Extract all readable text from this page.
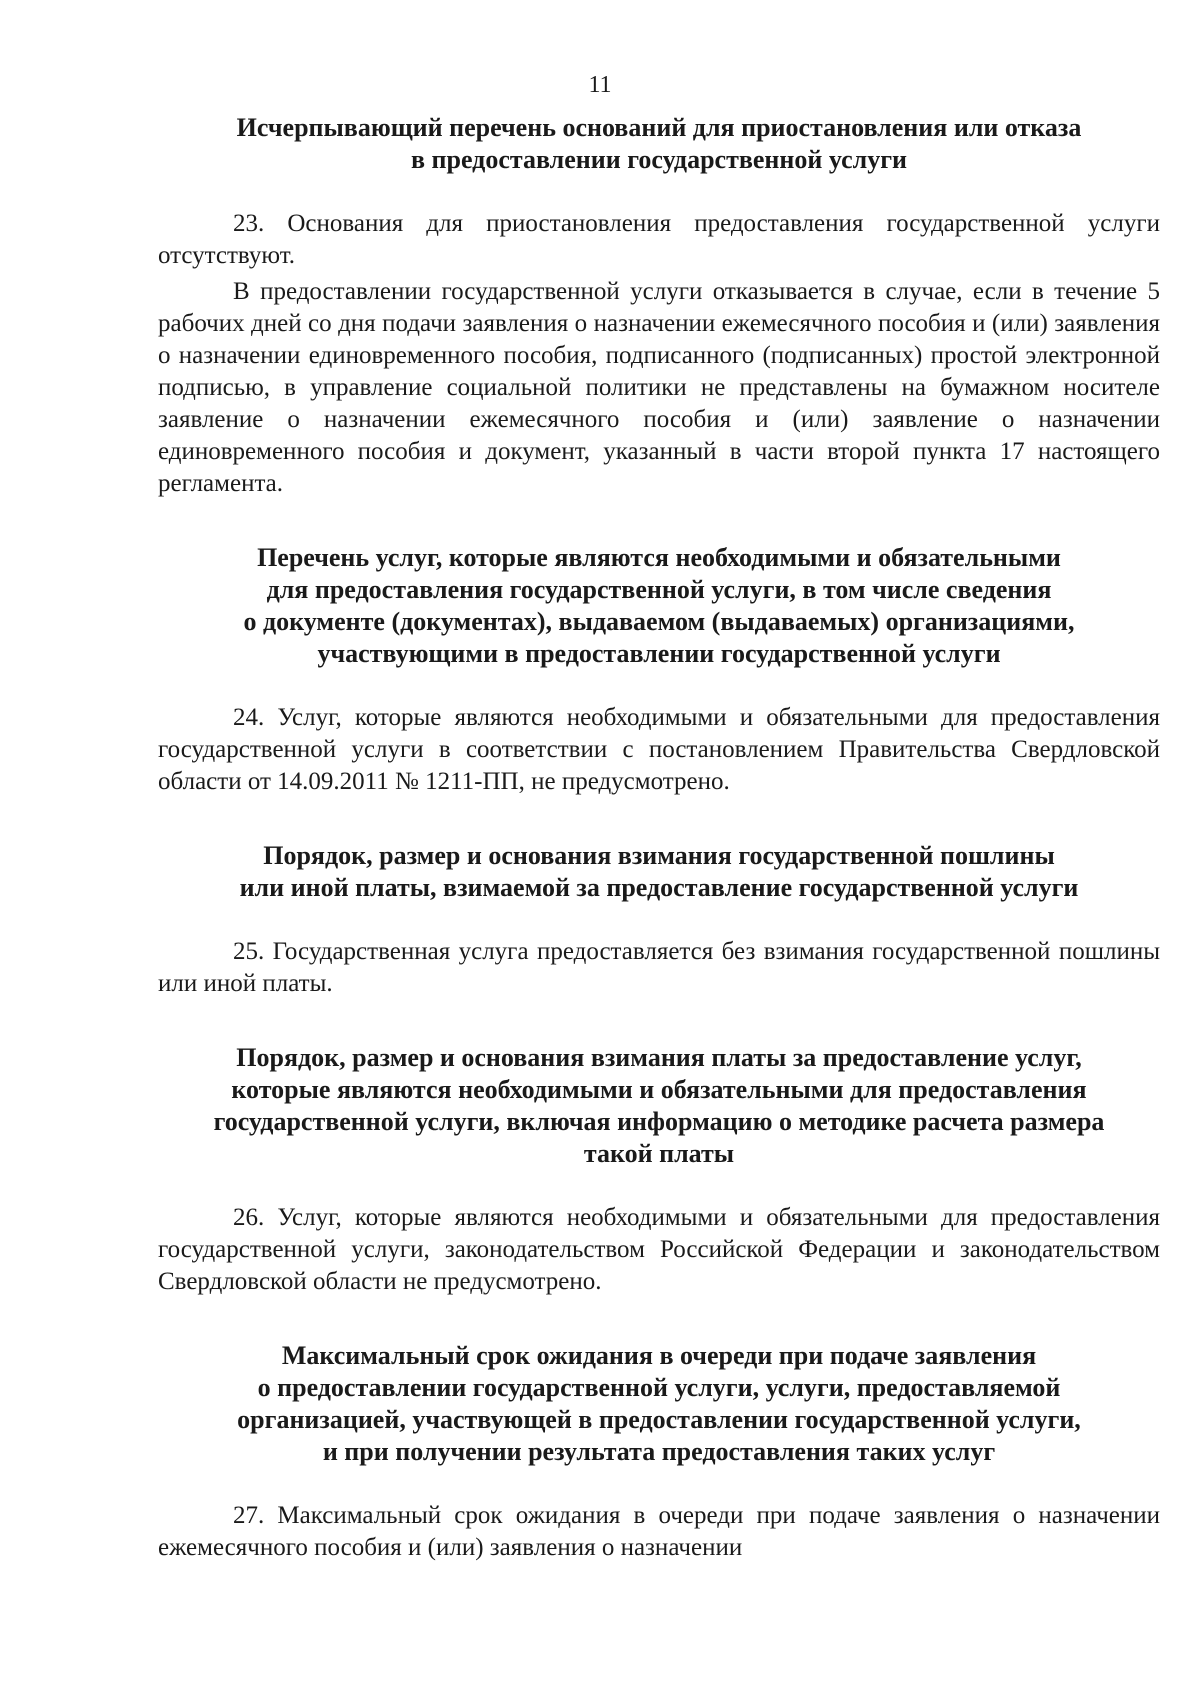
11
Исчерпывающий перечень оснований для приостановления или отказа
в предоставлении государственной услуги

23. Основания для приостановления предоставления государственной услуги отсутствуют.

В предоставлении государственной услуги отказывается в случае, если в течение 5 рабочих дней со дня подачи заявления о назначении ежемесячного пособия и (или) заявления о назначении единовременного пособия, подписанного (подписанных) простой электронной подписью, в управление социальной политики не представлены на бумажном носителе заявление о назначении ежемесячного пособия и (или) заявление о назначении единовременного пособия и документ, указанный в части второй пункта 17 настоящего регламента.

Перечень услуг, которые являются необходимыми и обязательными
для предоставления государственной услуги, в том числе сведения
о документе (документах), выдаваемом (выдаваемых) организациями,
участвующими в предоставлении государственной услуги

24. Услуг, которые являются необходимыми и обязательными для предоставления государственной услуги в соответствии с постановлением Правительства Свердловской области от 14.09.2011 № 1211-ПП, не предусмотрено.

Порядок, размер и основания взимания государственной пошлины
или иной платы, взимаемой за предоставление государственной услуги

25. Государственная услуга предоставляется без взимания государственной пошлины или иной платы.

Порядок, размер и основания взимания платы за предоставление услуг,
которые являются необходимыми и обязательными для предоставления
государственной услуги, включая информацию о методике расчета размера
такой платы

26. Услуг, которые являются необходимыми и обязательными для предоставления государственной услуги, законодательством Российской Федерации и законодательством Свердловской области не предусмотрено.

Максимальный срок ожидания в очереди при подаче заявления
о предоставлении государственной услуги, услуги, предоставляемой
организацией, участвующей в предоставлении государственной услуги,
и при получении результата предоставления таких услуг

27. Максимальный срок ожидания в очереди при подаче заявления о назначении ежемесячного пособия и (или) заявления о назначении
